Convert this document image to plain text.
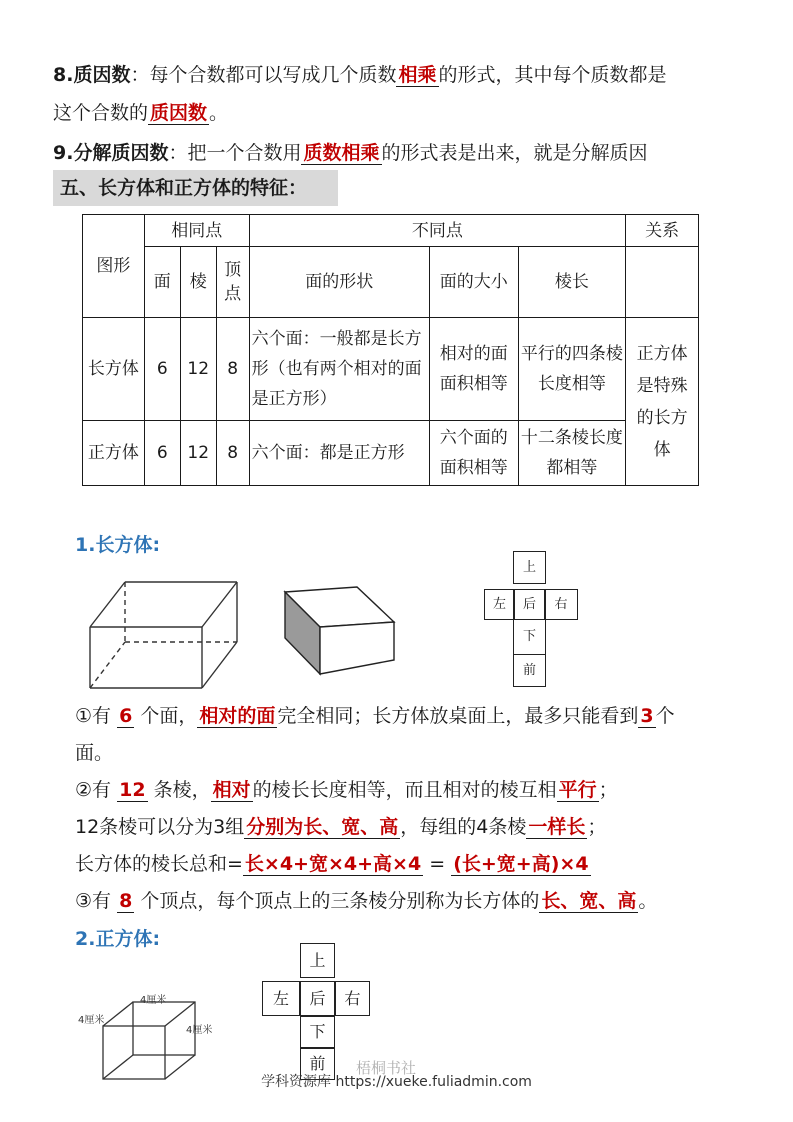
8.质因数：每个合数都可以写成几个质数 相乘 的形式，其中每个质数都是
这个合数的 质因数 。
9.分解质因数：把一个合数用 质数相乘 的形式表是出来，就是分解质因
五、长方体和正方体的特征：
图形	相同点			不同点			关系
	面	棱	顶点	面的形状	面的大小	棱长	
长方体	6	12	8	六个面：一般都是长方形（也有两个相对的面是正方形）	相对的面面积相等	平行的四条棱长度相等	正方体是特殊的长方体
正方体	6	12	8	六个面：都是正方形	六个面的面积相等	十二条棱长度都相等	
1.长方体:
上
左	后	右
下
前
①有 6 个面， 相对的面 完全相同；长方体放桌面上，最多只能看到 3 个
面。
②有 12 条棱， 相对 的棱长长度相等，而且相对的棱互相 平行 ；
12条棱可以分为3组 分别为长、宽、高 ，每组的4条棱 一样长 ；
长方体的棱长总和= 长×4+宽×4+高×4 = (长+宽+高)×4
③有 8 个顶点，每个顶点上的三条棱分别称为长方体的 长、宽、高 。
2.正方体:
4厘米
4厘米
4厘米
上
左	后	右
下
前	梧桐书社
学科资源库 https://xueke.fuliadmin.com
